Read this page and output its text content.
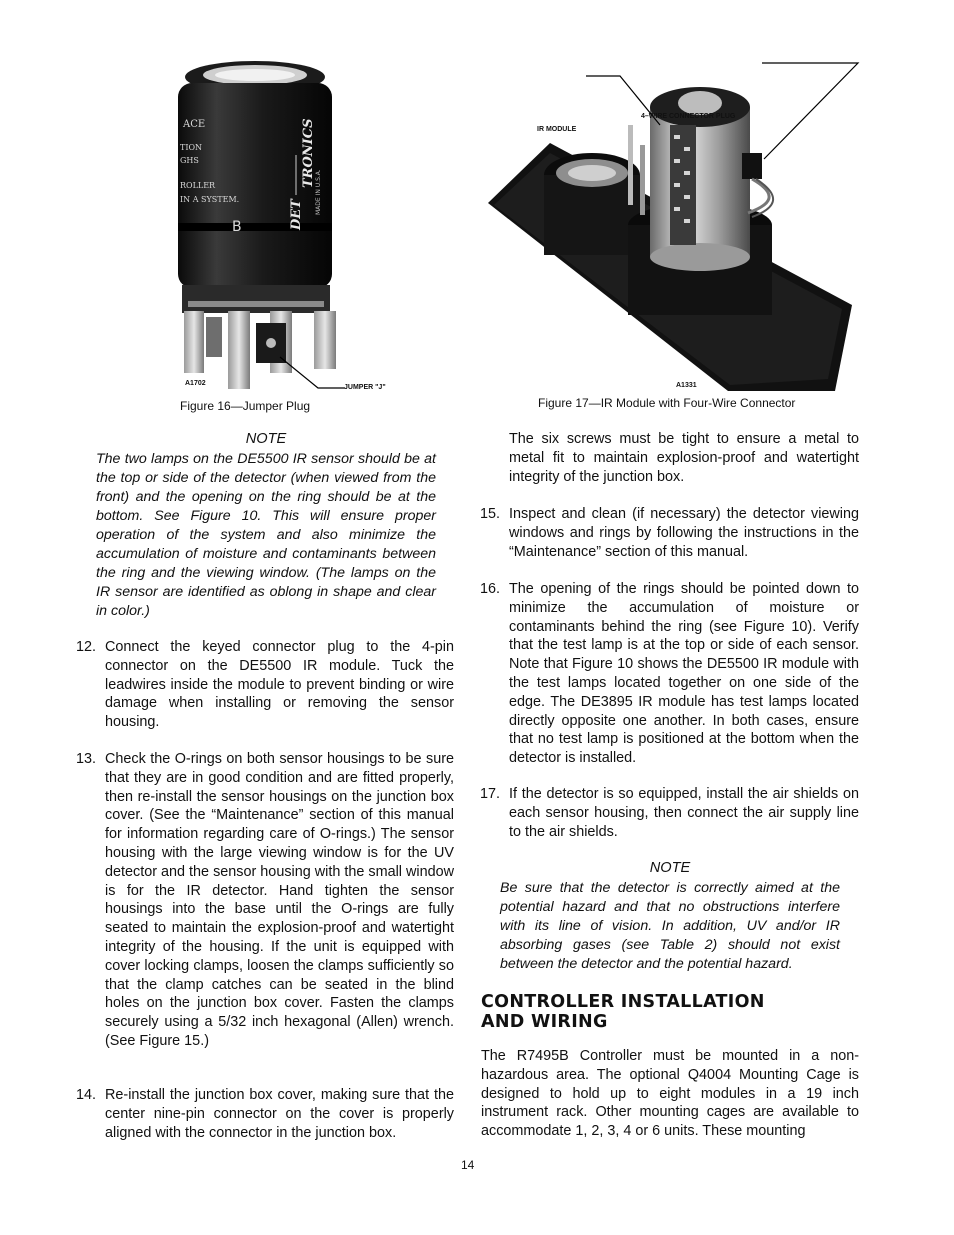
ACE
TION
GHS
ROLLER
IN A SYSTEM.
B	DET
TRONICS
MADE IN U.S.A.
A1702
JUMPER "J"
Figure 16—Jumper Plug
IR MODULE
4–WIRE CONNECTOR PLUG
A1331
Figure 17—IR Module with Four-Wire Connector
NOTE
The two lamps on the DE5500 IR sensor should be at the top or side of the detector (when viewed from the front) and the opening on the ring should be at the bottom. See Figure 10. This will ensure proper operation of the system and also minimize the accumulation of moisture and contaminants between the ring and the viewing window. (The lamps on the IR sensor are identified as oblong in shape and clear in color.)
12. Connect the keyed connector plug to the 4-pin connector on the DE5500 IR module. Tuck the leadwires inside the module to prevent binding or wire damage when installing or removing the sensor housing.
13. Check the O-rings on both sensor housings to be sure that they are in good condition and are fitted properly, then re-install the sensor housings on the junction box cover. (See the “Maintenance” section of this manual for information regarding care of O-rings.) The sensor housing with the large viewing window is for the UV detector and the sensor housing with the small window is for the IR detector. Hand tighten the sensor housings into the base until the O-rings are fully seated to maintain the explosion-proof and watertight integrity of the housing. If the unit is equipped with cover locking clamps, loosen the clamps sufficiently so that the clamp catches can be seated in the blind holes on the junction box cover. Fasten the clamps securely using a 5/32 inch hexagonal (Allen) wrench. (See Figure 15.)
14. Re-install the junction box cover, making sure that the center nine-pin connector on the cover is properly aligned with the connector in the junction box.
The six screws must be tight to ensure a metal to metal fit to maintain explosion-proof and watertight integrity of the junction box.
15. Inspect and clean (if necessary) the detector viewing windows and rings by following the instructions in the “Maintenance” section of this manual.
16. The opening of the rings should be pointed down to minimize the accumulation of moisture or contaminants behind the ring (see Figure 10). Verify that the test lamp is at the top or side of each sensor. Note that Figure 10 shows the DE5500 IR module with the test lamps located together on one side of the edge. The DE3895 IR module has test lamps located directly opposite one another. In both cases, ensure that no test lamp is positioned at the bottom when the detector is installed.
17. If the detector is so equipped, install the air shields on each sensor housing, then connect the air supply line to the air shields.
NOTE
Be sure that the detector is correctly aimed at the potential hazard and that no obstructions interfere with its line of vision. In addition, UV and/or IR absorbing gases (see Table 2) should not exist between the detector and the potential hazard.
CONTROLLER INSTALLATION
AND WIRING
The R7495B Controller must be mounted in a non-hazardous area. The optional Q4004 Mounting Cage is designed to hold up to eight modules in a 19 inch instrument rack. Other mounting cages are available to accommodate 1, 2, 3, 4 or 6 units. These mounting
14
